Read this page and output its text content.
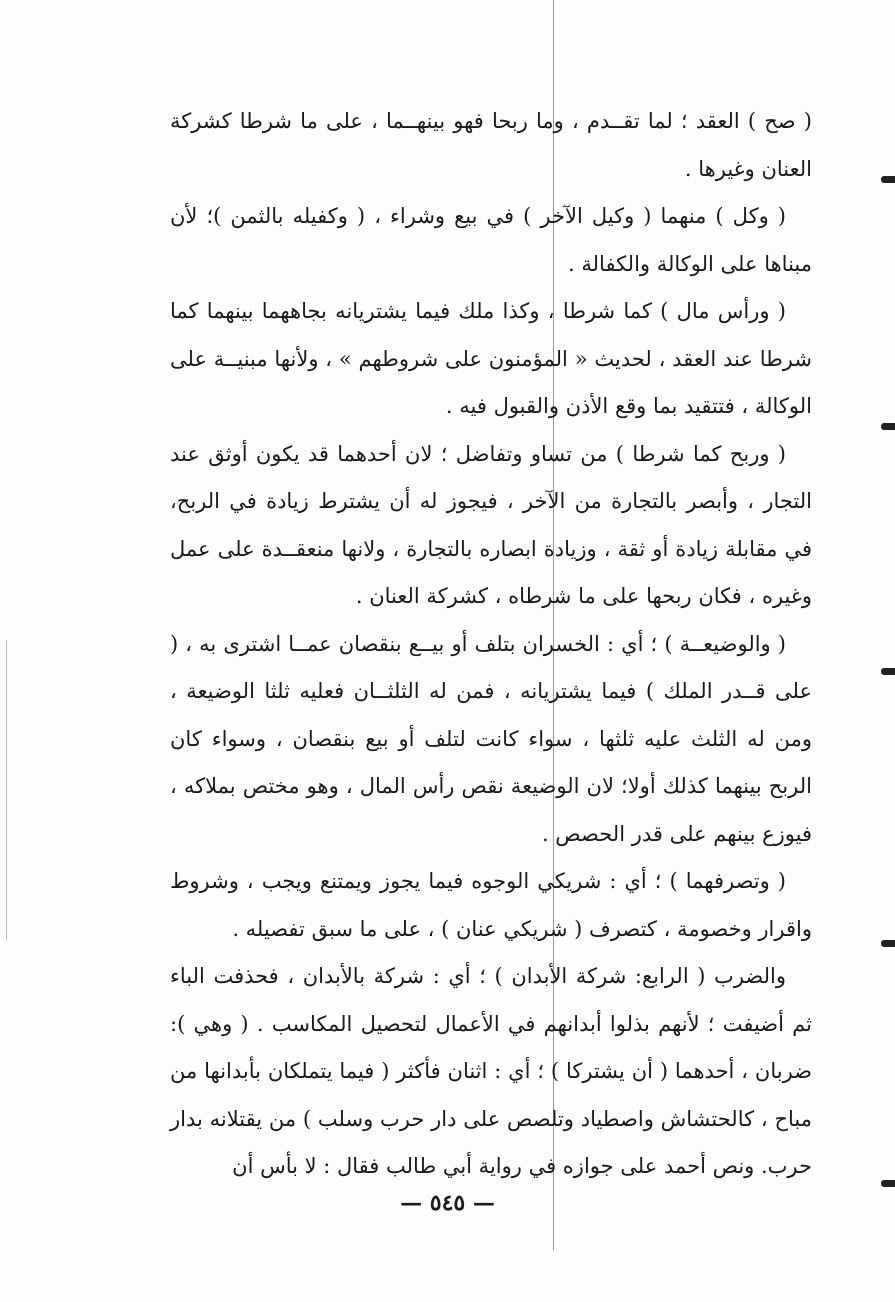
( صح ) العقد ؛ لما تقــدم ، وما ربحا فهو بينهــما ، على ما شرطا كشركة العنان وغيرها .

( وكل ) منهما ( وكيل الآخر ) في بيع وشراء ، ( وكفيله بالثمن )؛ لأن مبناها على الوكالة والكفالة .

( ورأس مال ) كما شرطا ، وكذا ملك فيما يشتريانه بجاههما بينهما كما شرطا عند العقد ، لحديث « المؤمنون على شروطهم » ، ولأنها مبنيــة على الوكالة ، فتتقيد بما وقع الأذن والقبول فيه .

( وربح كما شرطا ) من تساو وتفاضل ؛ لان أحدهما قد يكون أوثق عند التجار ، وأبصر بالتجارة من الآخر ، فيجوز له أن يشترط زيادة في الربح، في مقابلة زيادة أو ثقة ، وزيادة ابصاره بالتجارة ، ولانها منعقــدة على عمل وغيره ، فكان ربحها على ما شرطاه ، كشركة العنان .

( والوضيعــة ) ؛ أي : الخسران بتلف أو بيــع بنقصان عمــا اشترى به ، ( على قــدر الملك ) فيما يشتريانه ، فمن له الثلثــان فعليه ثلثا الوضيعة ، ومن له الثلث عليه ثلثها ، سواء كانت لتلف أو بيع بنقصان ، وسواء كان الربح بينهما كذلك أولا؛ لان الوضيعة نقص رأس المال ، وهو مختص بملاكه ، فيوزع بينهم على قدر الحصص .

( وتصرفهما ) ؛ أي : شريكي الوجوه فيما يجوز ويمتنع ويجب ، وشروط واقرار وخصومة ، كتصرف ( شريكي عنان ) ، على ما سبق تفصيله .

والضرب ( الرابع: شركة الأبدان ) ؛ أي : شركة بالأبدان ، فحذفت الباء ثم أضيفت ؛ لأنهم بذلوا أبدانهم في الأعمال لتحصيل المكاسب . ( وهي ): ضربان ، أحدهما ( أن يشتركا ) ؛ أي : اثنان فأكثر ( فيما يتملكان بأبدانها من مباح ، كالحتشاش واصطياد وتلصص على دار حرب وسلب ) من يقتلانه بدار حرب. ونص أحمد على جوازه في رواية أبي طالب فقال : لا بأس أن

— ٥٤٥ —
